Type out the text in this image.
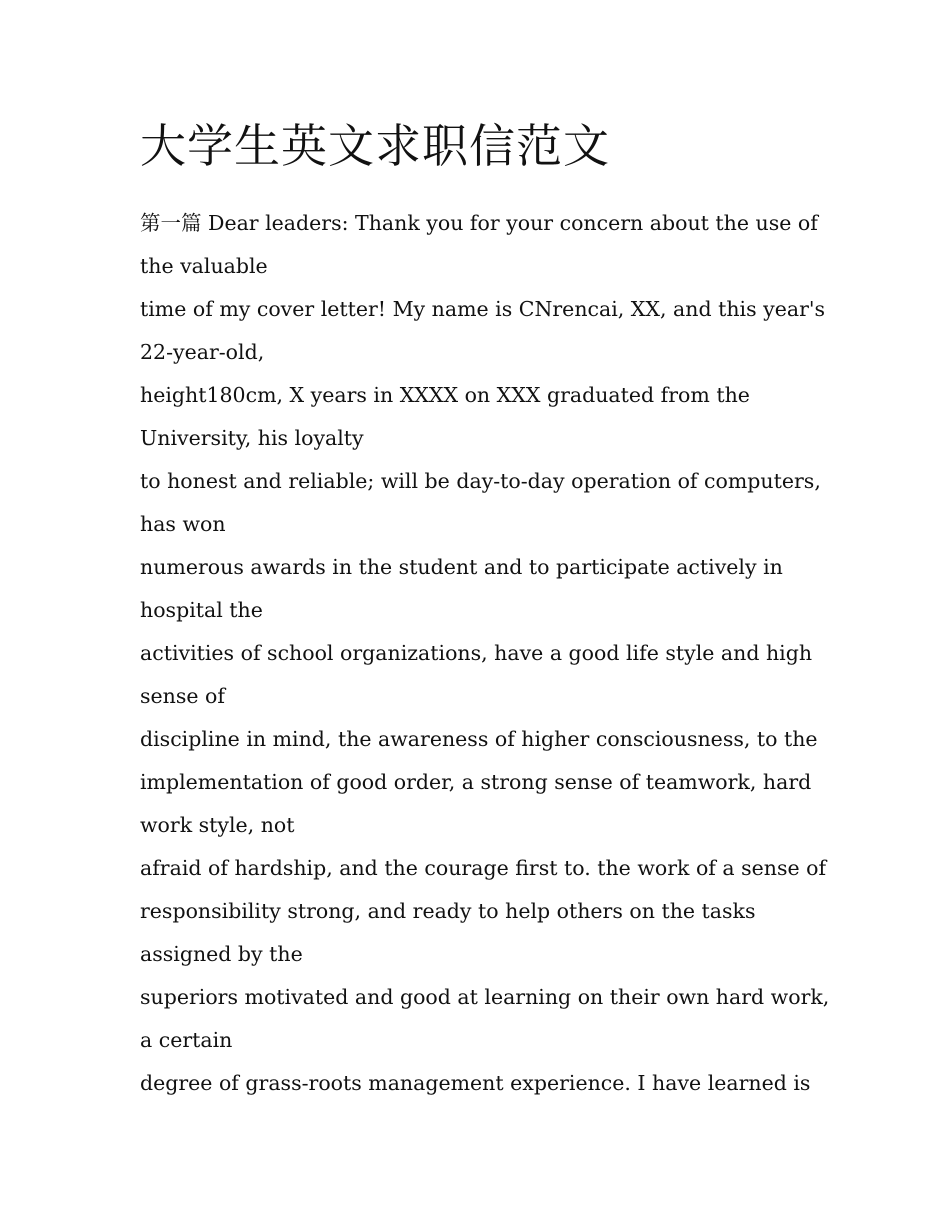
大学生英文求职信范文
第一篇 Dear leaders: Thank you for your concern about the use of
the valuable
time of my cover letter! My name is CNrencai, XX, and this year's
22-year-old,
height180cm, X years in XXXX on XXX graduated from the
University, his loyalty
to honest and reliable; will be day-to-day operation of computers,
has won
numerous awards in the student and to participate actively in
hospital the
activities of school organizations, have a good life style and high
sense of
discipline in mind, the awareness of higher consciousness, to the
implementation of good order, a strong sense of teamwork, hard
work style, not
afraid of hardship, and the courage first to. the work of a sense of
responsibility strong, and ready to help others on the tasks
assigned by the
superiors motivated and good at learning on their own hard work,
a certain
degree of grass-roots management experience. I have learned is
